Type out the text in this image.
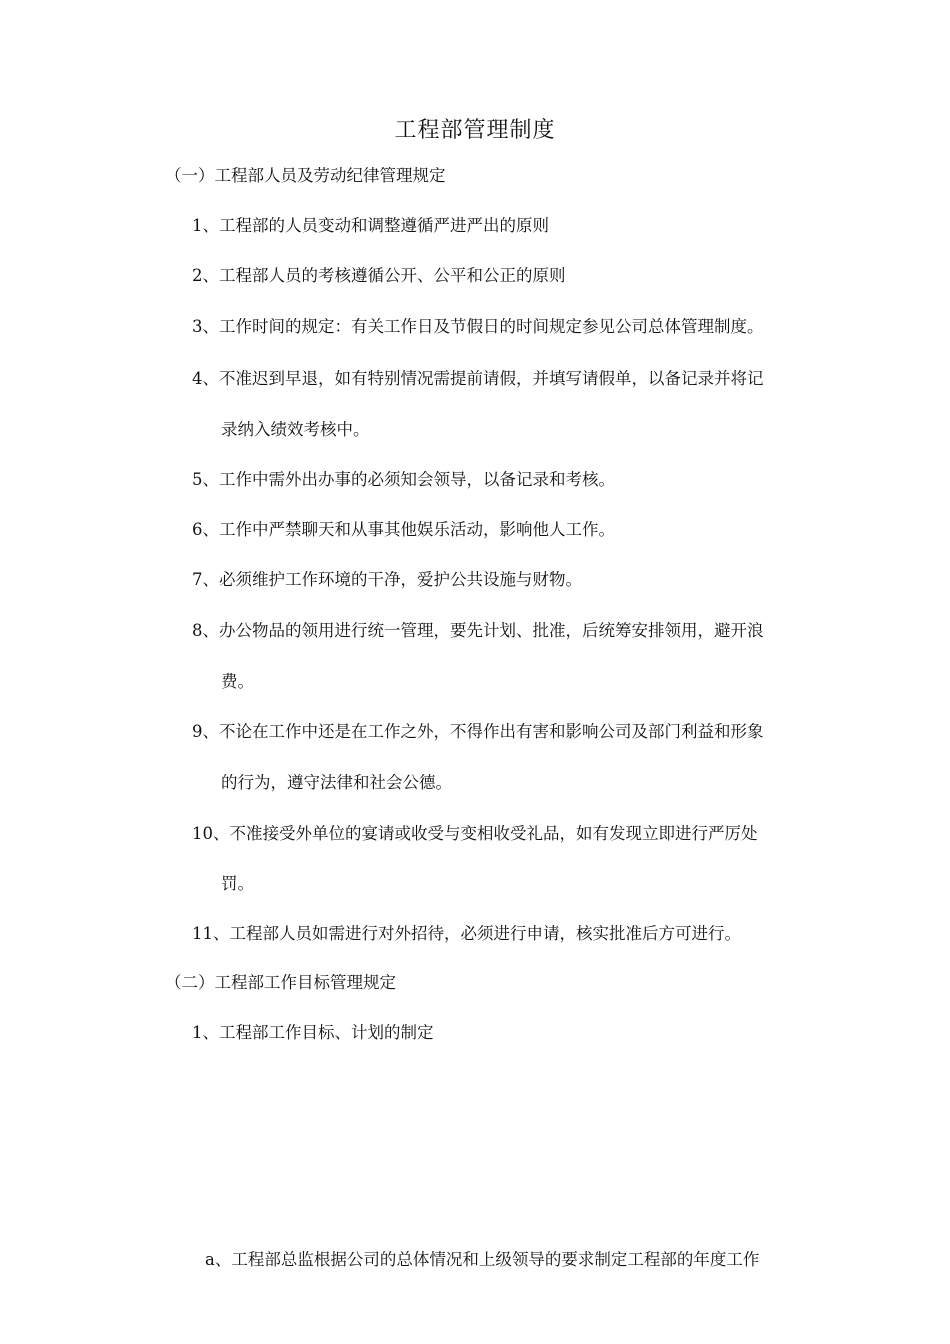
工程部管理制度
（一）工程部人员及劳动纪律管理规定
1、工程部的人员变动和调整遵循严进严出的原则
2、工程部人员的考核遵循公开、公平和公正的原则
3、工作时间的规定：有关工作日及节假日的时间规定参见公司总体管理制度。
4、不准迟到早退，如有特别情况需提前请假，并填写请假单，以备记录并将记
录纳入绩效考核中。
5、工作中需外出办事的必须知会领导，以备记录和考核。
6、工作中严禁聊天和从事其他娱乐活动，影响他人工作。
7、必须维护工作环境的干净，爱护公共设施与财物。
8、办公物品的领用进行统一管理，要先计划、批准，后统筹安排领用，避开浪
费。
9、不论在工作中还是在工作之外，不得作出有害和影响公司及部门利益和形象
的行为，遵守法律和社会公德。
10、不准接受外单位的宴请或收受与变相收受礼品，如有发现立即进行严厉处
罚。
11、工程部人员如需进行对外招待，必须进行申请，核实批准后方可进行。
（二）工程部工作目标管理规定
1、工程部工作目标、计划的制定
a、工程部总监根据公司的总体情况和上级领导的要求制定工程部的年度工作
